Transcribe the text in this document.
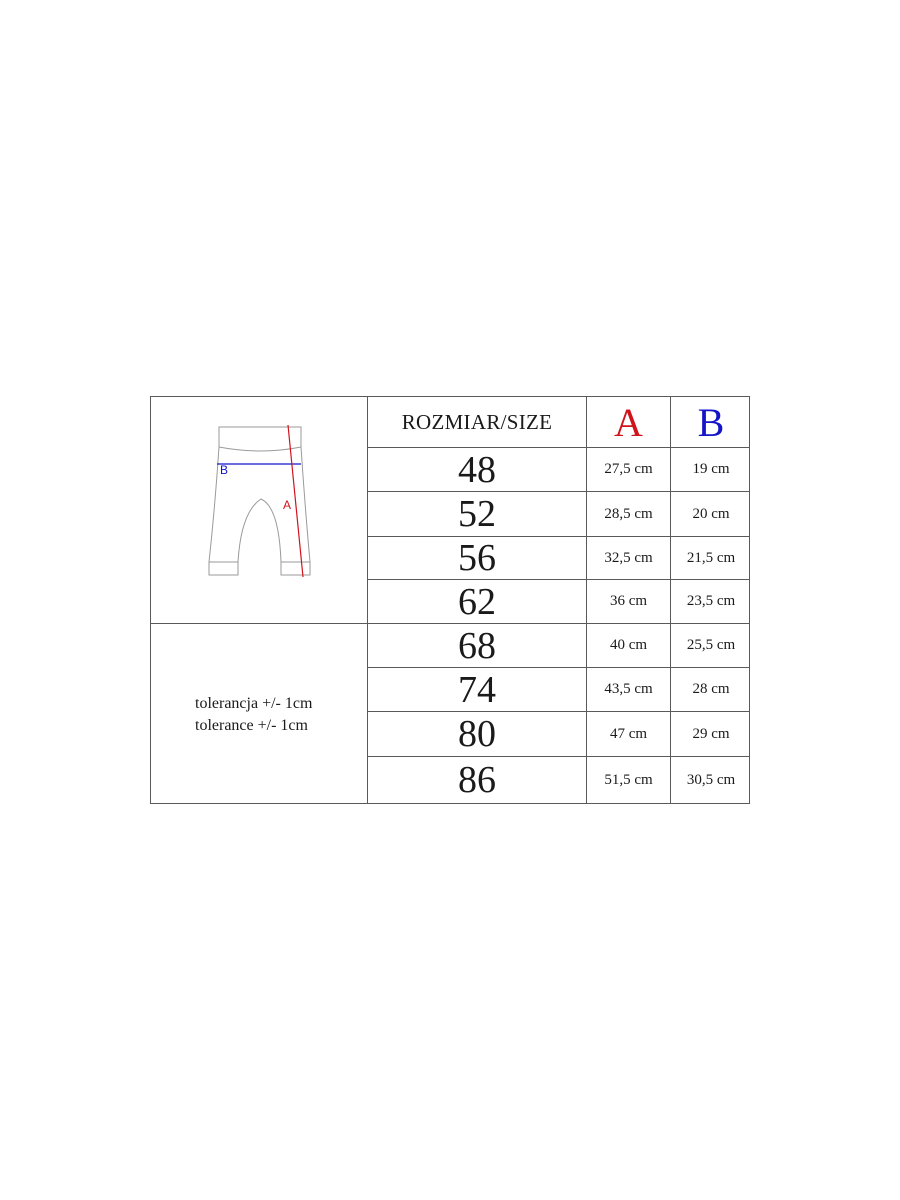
B
A
tolerancja +/- 1cm
tolerance +/- 1cm
ROZMIAR/SIZE	A	B
48	27,5 cm	19 cm
52	28,5 cm	20 cm
56	32,5 cm	21,5 cm
62	36 cm	23,5 cm
68	40 cm	25,5 cm
74	43,5 cm	28 cm
80	47 cm	29 cm
86	51,5 cm	30,5 cm
